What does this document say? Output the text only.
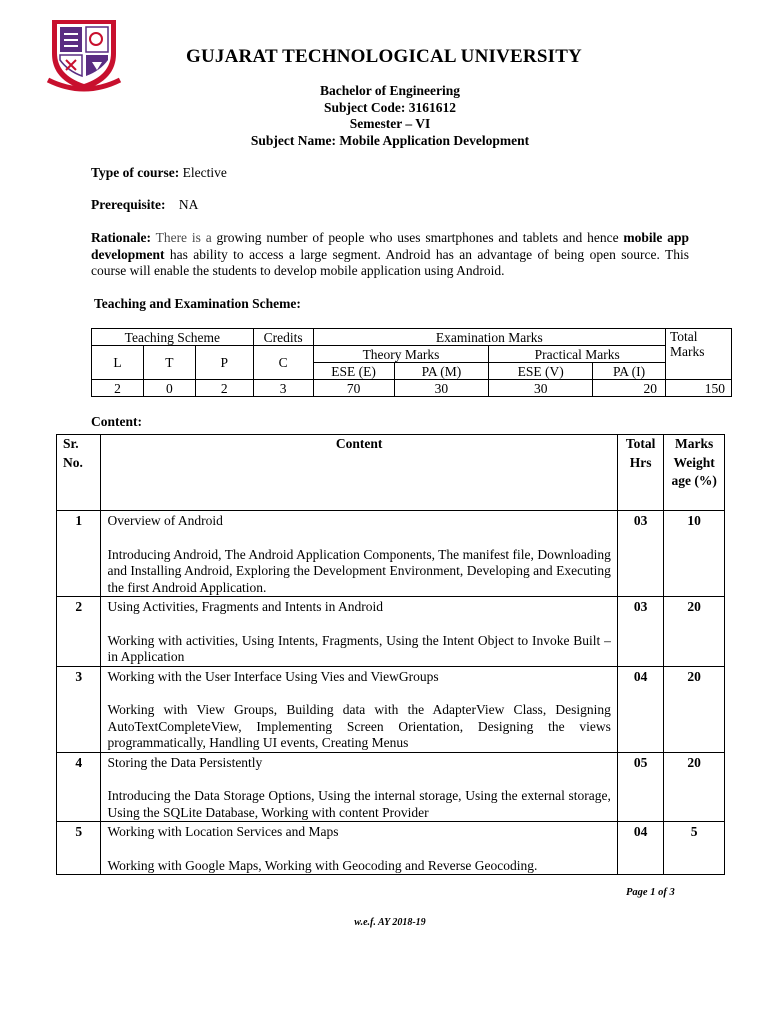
GUJARAT TECHNOLOGICAL UNIVERSITY
Bachelor of Engineering
Subject Code: 3161612
Semester – VI
Subject Name: Mobile Application Development
Type of course: Elective
Prerequisite: NA
Rationale: There is a growing number of people who uses smartphones and tablets and hence mobile app development has ability to access a large segment. Android has an advantage of being open source. This course will enable the students to develop mobile application using Android.
Teaching and Examination Scheme:
Teaching Scheme			Credits	Examination Marks				Total Marks
L	T	P	C	Theory Marks		Practical Marks		
				ESE (E)	PA (M)	ESE (V)	PA (I)	
2	0	2	3	70	30	30	20	150
Content:
Sr. No.	Content	Total Hrs	Marks Weight age (%)
1	Overview of Android
Introducing Android, The Android Application Components, The manifest file, Downloading and Installing Android, Exploring the Development Environment, Developing and Executing the first Android Application.	03	10
2	Using Activities, Fragments and Intents in Android
Working with activities, Using Intents, Fragments, Using the Intent Object to Invoke Built –in Application	03	20
3	Working with the User Interface Using Vies and ViewGroups
Working with View Groups, Building data with the AdapterView Class, Designing AutoTextCompleteView, Implementing Screen Orientation, Designing the views programmatically, Handling UI events, Creating Menus	04	20
4	Storing the Data Persistently
Introducing the Data Storage Options, Using the internal storage, Using the external storage, Using the SQLite Database, Working with content Provider	05	20
5	Working with Location Services and Maps
Working with Google Maps, Working with Geocoding and Reverse Geocoding.	04	5
Page 1 of 3
w.e.f. AY 2018-19
